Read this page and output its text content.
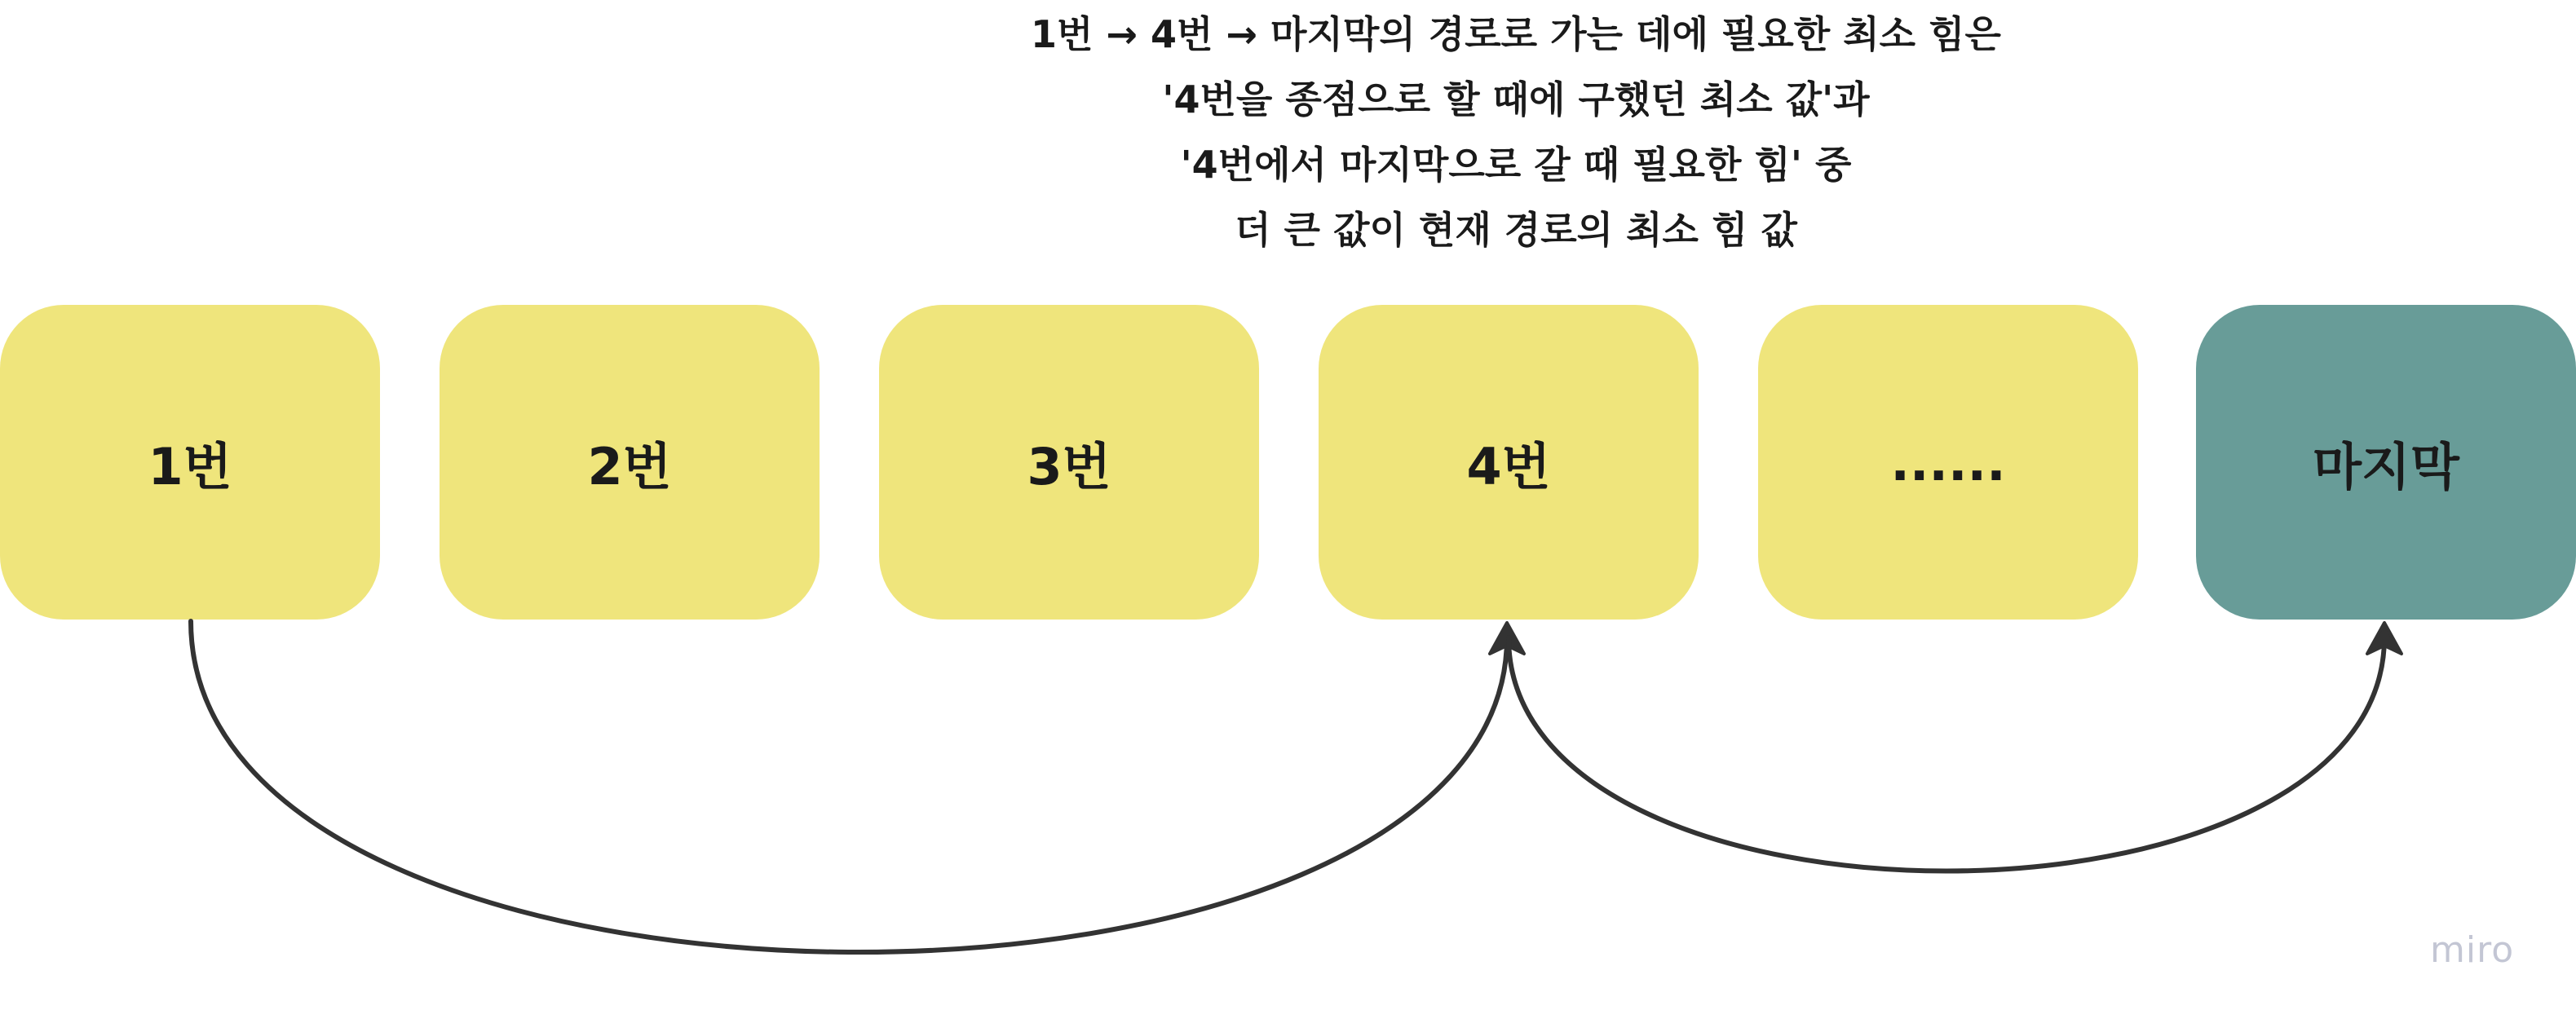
1번 → 4번 → 마지막의 경로로 가는 데에 필요한 최소 힘은
'4번을 종점으로 할 때에 구했던 최소 값'과
'4번에서 마지막으로 갈 때 필요한 힘' 중
더 큰 값이 현재 경로의 최소 힘 값
1번	2번	3번	4번	......	마지막
miro
